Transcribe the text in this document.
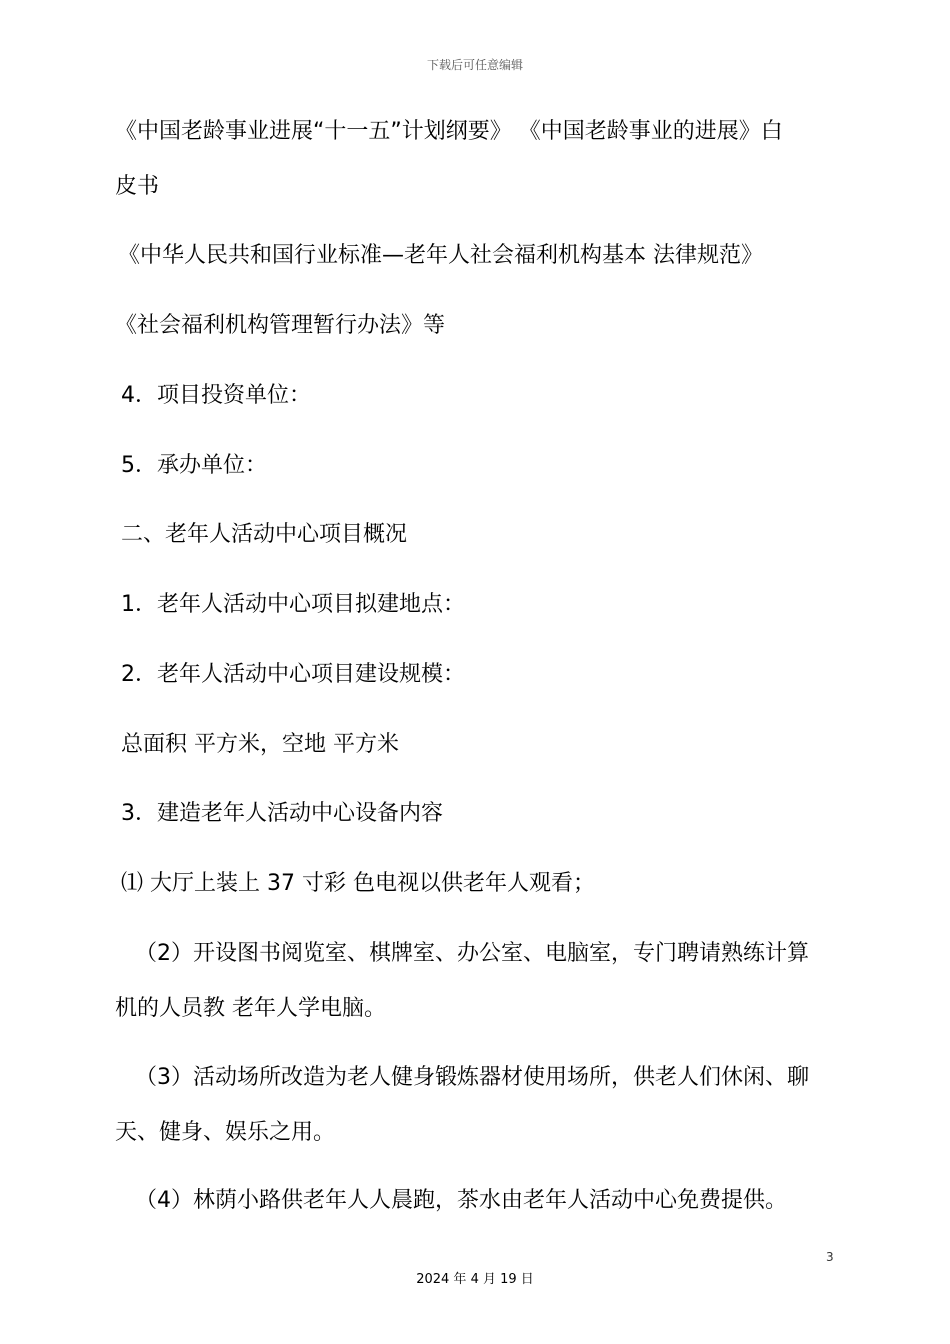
下载后可任意编辑
《中国老龄事业进展“十一五”计划纲要》 《中国老龄事业的进展》白
皮书
《中华人民共和国行业标准—老年人社会福利机构基本 法律规范》
《社会福利机构管理暂行办法》等
4．项目投资单位：
5．承办单位：
二、老年人活动中心项目概况
1．老年人活动中心项目拟建地点：
2．老年人活动中心项目建设规模：
总面积 平方米，空地 平方米
3．建造老年人活动中心设备内容
⑴ 大厅上装上 37 寸彩 色电视以供老年人观看；
（2）开设图书阅览室、棋牌室、办公室、电脑室，专门聘请熟练计算
机的人员教 老年人学电脑。
（3）活动场所改造为老人健身锻炼器材使用场所，供老人们休闲、聊
天、健身、娱乐之用。
（4）林荫小路供老年人人晨跑，茶水由老年人活动中心免费提供。
3
2024 年 4 月 19 日
